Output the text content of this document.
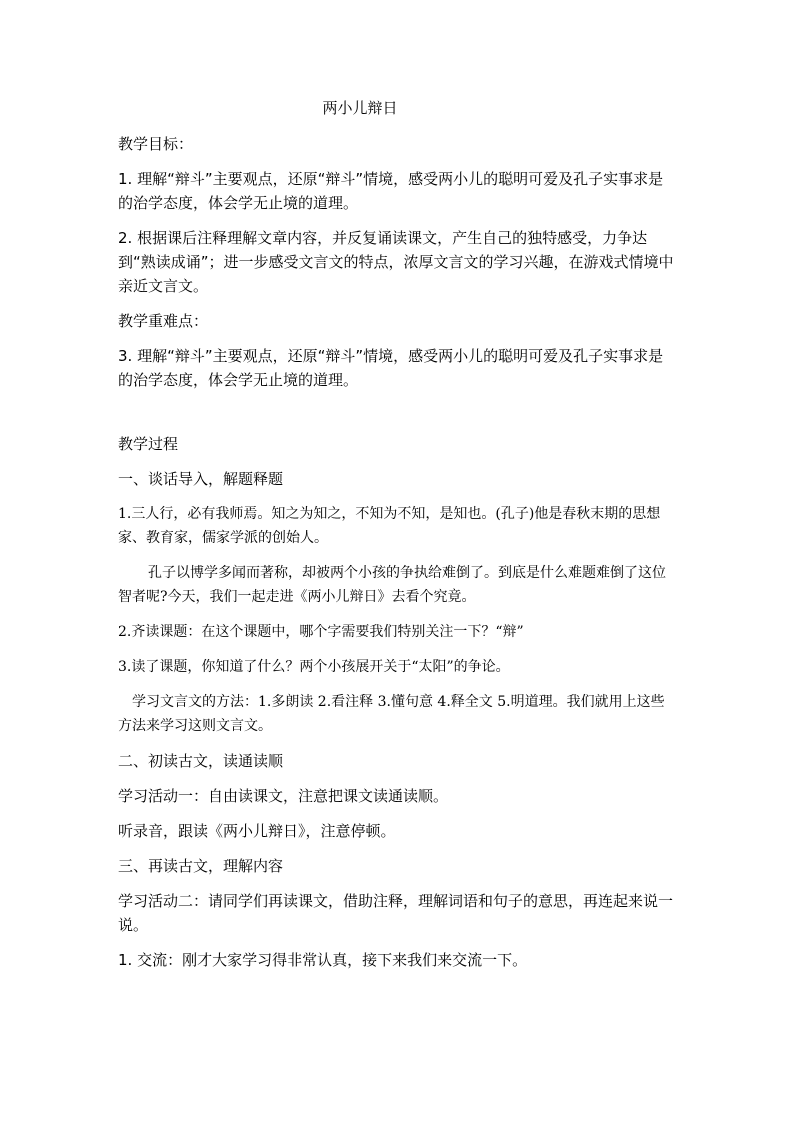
两小儿辩日

教学目标：

1. 理解“辩斗”主要观点，还原“辩斗”情境，感受两小儿的聪明可爱及孔子实事求是的治学态度，体会学无止境的道理。

2. 根据课后注释理解文章内容，并反复诵读课文，产生自己的独特感受，力争达到“熟读成诵”；进一步感受文言文的特点，浓厚文言文的学习兴趣，在游戏式情境中亲近文言文。

教学重难点：

3. 理解“辩斗”主要观点，还原“辩斗”情境，感受两小儿的聪明可爱及孔子实事求是的治学态度，体会学无止境的道理。

教学过程

一、谈话导入，解题释题

1.三人行，必有我师焉。知之为知之，不知为不知，是知也。(孔子)他是春秋末期的思想家、教育家，儒家学派的创始人。

孔子以博学多闻而著称，却被两个小孩的争执给难倒了。到底是什么难题难倒了这位智者呢?今天，我们一起走进《两小儿辩日》去看个究竟。

2.齐读课题：在这个课题中，哪个字需要我们特别关注一下？“辩”

3.读了课题，你知道了什么？两个小孩展开关于“太阳”的争论。

学习文言文的方法：1.多朗读 2.看注释 3.懂句意 4.释全文 5.明道理。我们就用上这些方法来学习这则文言文。

二、初读古文，读通读顺

学习活动一：自由读课文，注意把课文读通读顺。

听录音，跟读《两小儿辩日》，注意停顿。

三、再读古文，理解内容

学习活动二：请同学们再读课文，借助注释，理解词语和句子的意思，再连起来说一说。

1. 交流：刚才大家学习得非常认真，接下来我们来交流一下。
